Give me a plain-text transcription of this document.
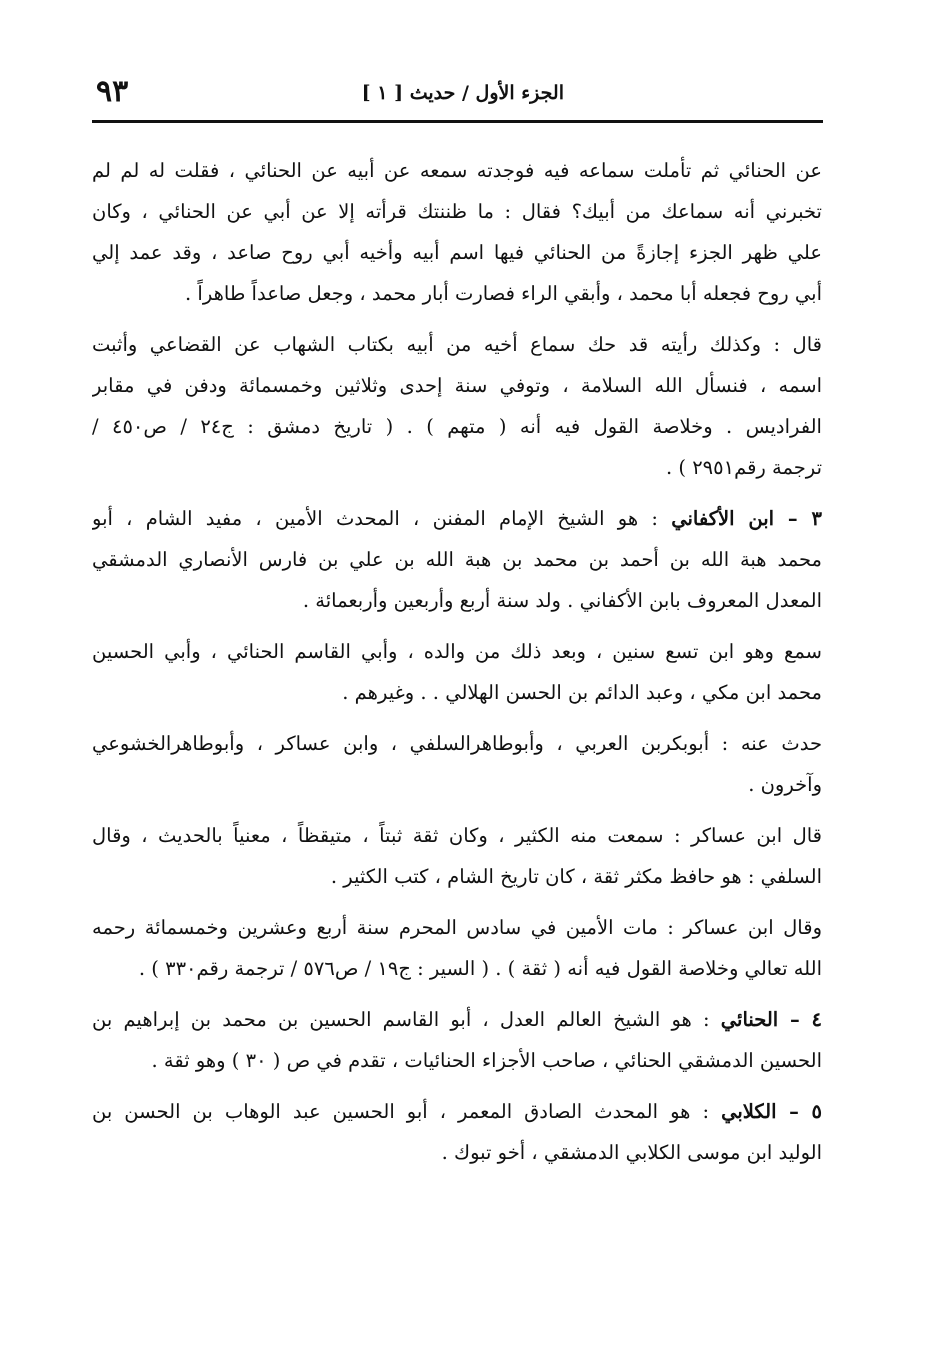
الجزء الأول / حديث [ ١ ]
٩٣

عن الحنائي ثم تأملت سماعه فيه فوجدته سمعه عن أبيه عن الحنائي ، فقلت له لم لم
تخبرني أنه سماعك من أبيك؟ فقال : ما ظننتك قرأته إلا عن أبي عن الحنائي ، وكان
علي ظهر الجزء إجازةً من الحنائي فيها اسم أبيه وأخيه أبي روح صاعد ، وقد عمد إلي
أبي روح فجعله أبا محمد ، وأبقي الراء فصارت أبار محمد ، وجعل صاعداً طاهراً .

قال : وكذلك رأيته قد حك سماع أخيه من أبيه بكتاب الشهاب عن القضاعي وأثبت
اسمه ، فنسأل الله السلامة ، وتوفي سنة إحدى وثلاثين وخمسمائة ودفن في مقابر
الفراديس . وخلاصة القول فيه أنه ( متهم ) . ( تاريخ دمشق : ج٢٤ / ص٤٥٠ /
ترجمة رقم٢٩٥١ ) .

٣ – ابن الأكفاني : هو الشيخ الإمام المفنن ، المحدث الأمين ، مفيد الشام ، أبو
محمد هبة الله بن أحمد بن محمد بن هبة الله بن علي بن فارس الأنصاري الدمشقي
المعدل المعروف بابن الأكفاني . ولد سنة أربع وأربعين وأربعمائة .

سمع وهو ابن تسع سنين ، وبعد ذلك من والده ، وأبي القاسم الحنائي ، وأبي الحسين
محمد ابن مكي ، وعبد الدائم بن الحسن الهلالي . . وغيرهم .

حدث عنه : أبوبكربن العربي ، وأبوطاهرالسلفي ، وابن عساكر ، وأبوطاهرالخشوعي
وآخرون .

قال ابن عساكر : سمعت منه الكثير ، وكان ثقة ثبتاً ، متيقظاً ، معنياً بالحديث ، وقال
السلفي : هو حافظ مكثر ثقة ، كان تاريخ الشام ، كتب الكثير .

وقال ابن عساكر : مات الأمين في سادس المحرم سنة أربع وعشرين وخمسمائة رحمه
الله تعالي وخلاصة القول فيه أنه ( ثقة ) . ( السير : ج١٩ / ص٥٧٦ / ترجمة رقم٣٣٠ ) .

٤ – الحنائي : هو الشيخ العالم العدل ، أبو القاسم الحسين بن محمد بن إبراهيم بن
الحسين الدمشقي الحنائي ، صاحب الأجزاء الحنائيات ، تقدم في ص ( ٣٠ ) وهو ثقة .

٥ – الكلابي : هو المحدث الصادق المعمر ، أبو الحسين عبد الوهاب بن الحسن بن
الوليد ابن موسى الكلابي الدمشقي ، أخو تبوك .
